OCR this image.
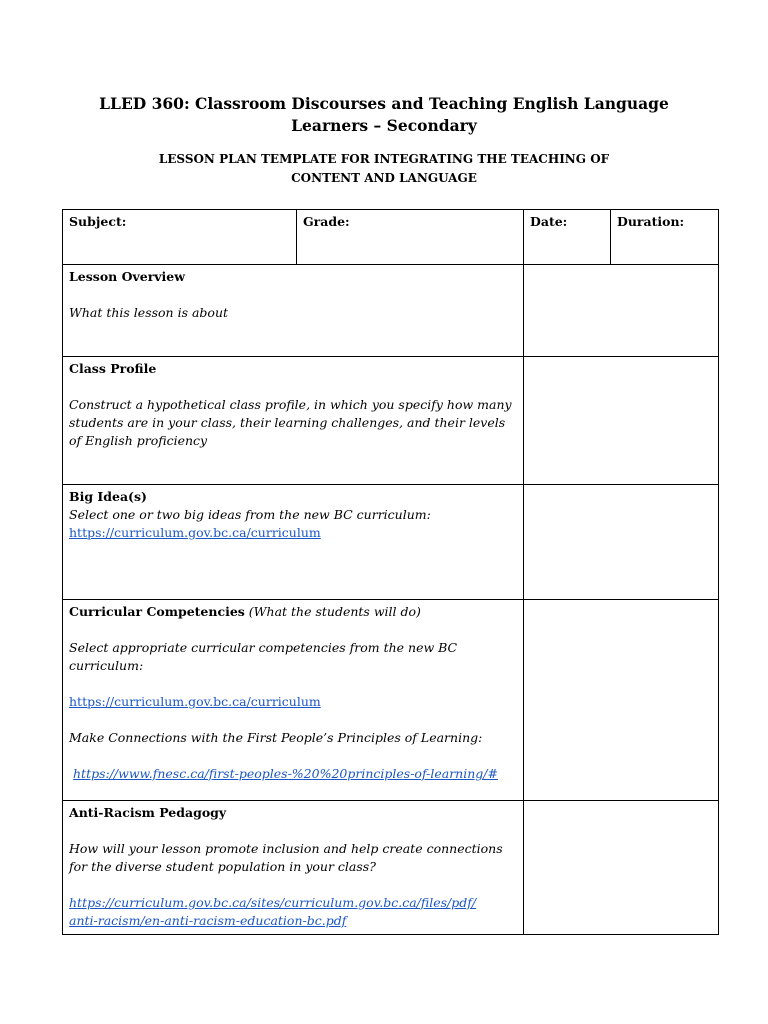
LLED 360: Classroom Discourses and Teaching English Language
Learners – Secondary
LESSON PLAN TEMPLATE FOR INTEGRATING THE TEACHING OF
CONTENT AND LANGUAGE
Subject:	Grade:	Date:	Duration:

Lesson Overview
What this lesson is about			

Class Profile
Construct a hypothetical class profile, in which you specify how many students are in your class, their learning challenges, and their levels of English proficiency			

Big Idea(s)
Select one or two big ideas from the new BC curriculum:
https://curriculum.gov.bc.ca/curriculum			

Curricular Competencies (What the students will do)
Select appropriate curricular competencies from the new BC curriculum:
https://curriculum.gov.bc.ca/curriculum
Make Connections with the First People’s Principles of Learning:
https://www.fnesc.ca/first-peoples-%20%20principles-of-learning/#			

Anti-Racism Pedagogy
How will your lesson promote inclusion and help create connections for the diverse student population in your class?
https://curriculum.gov.bc.ca/sites/curriculum.gov.bc.ca/files/pdf/
anti-racism/en-anti-racism-education-bc.pdf			
